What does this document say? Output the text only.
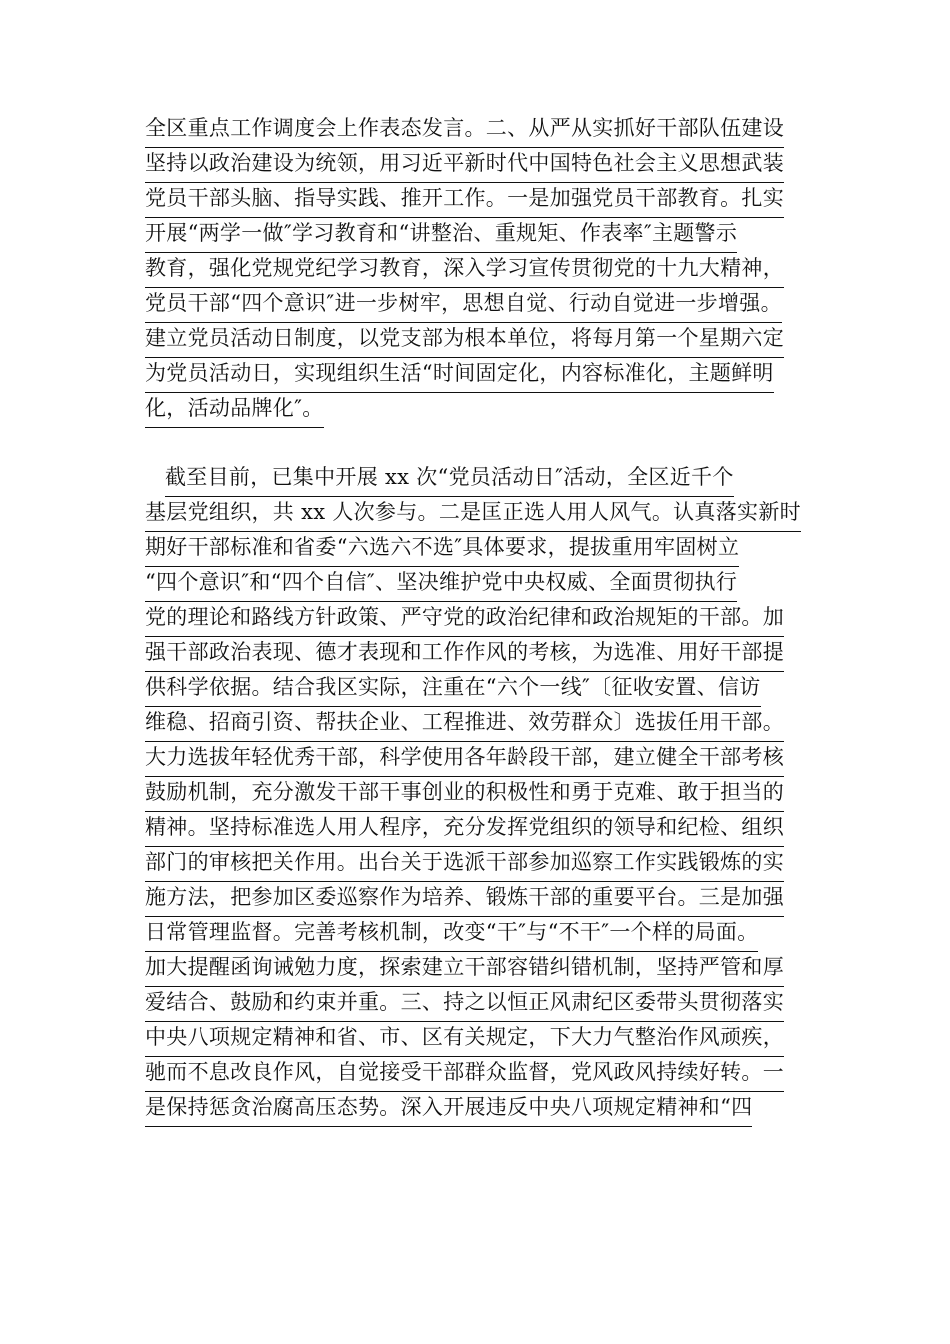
全区重点工作调度会上作表态发言。二、从严从实抓好干部队伍建设
坚持以政治建设为统领，用习近平新时代中国特色社会主义思想武装
党员干部头脑、指导实践、推开工作。一是加强党员干部教育。扎实
开展“两学一做″学习教育和“讲整治、重规矩、作表率″主题警示
教育，强化党规党纪学习教育，深入学习宣传贯彻党的十九大精神，
党员干部“四个意识″进一步树牢，思想自觉、行动自觉进一步增强。
建立党员活动日制度，以党支部为根本单位，将每月第一个星期六定
为党员活动日，实现组织生活“时间固定化，内容标准化，主题鲜明
化，活动品牌化″。
截至目前，已集中开展 xx 次“党员活动日″活动，全区近千个
基层党组织，共 xx 人次参与。二是匡正选人用人风气。认真落实新时
期好干部标准和省委“六选六不选″具体要求，提拔重用牢固树立
“四个意识″和“四个自信″、坚决维护党中央权威、全面贯彻执行
党的理论和路线方针政策、严守党的政治纪律和政治规矩的干部。加
强干部政治表现、德才表现和工作作风的考核，为选准、用好干部提
供科学依据。结合我区实际，注重在“六个一线″〔征收安置、信访
维稳、招商引资、帮扶企业、工程推进、效劳群众〕选拔任用干部。
大力选拔年轻优秀干部，科学使用各年龄段干部，建立健全干部考核
鼓励机制，充分激发干部干事创业的积极性和勇于克难、敢于担当的
精神。坚持标准选人用人程序，充分发挥党组织的领导和纪检、组织
部门的审核把关作用。出台关于选派干部参加巡察工作实践锻炼的实
施方法，把参加区委巡察作为培养、锻炼干部的重要平台。三是加强
日常管理监督。完善考核机制，改变“干″与“不干″一个样的局面。
加大提醒函询诫勉力度，探索建立干部容错纠错机制，坚持严管和厚
爱结合、鼓励和约束并重。三、持之以恒正风肃纪区委带头贯彻落实
中央八项规定精神和省、市、区有关规定，下大力气整治作风顽疾，
驰而不息改良作风，自觉接受干部群众监督，党风政风持续好转。一
是保持惩贪治腐高压态势。深入开展违反中央八项规定精神和“四
